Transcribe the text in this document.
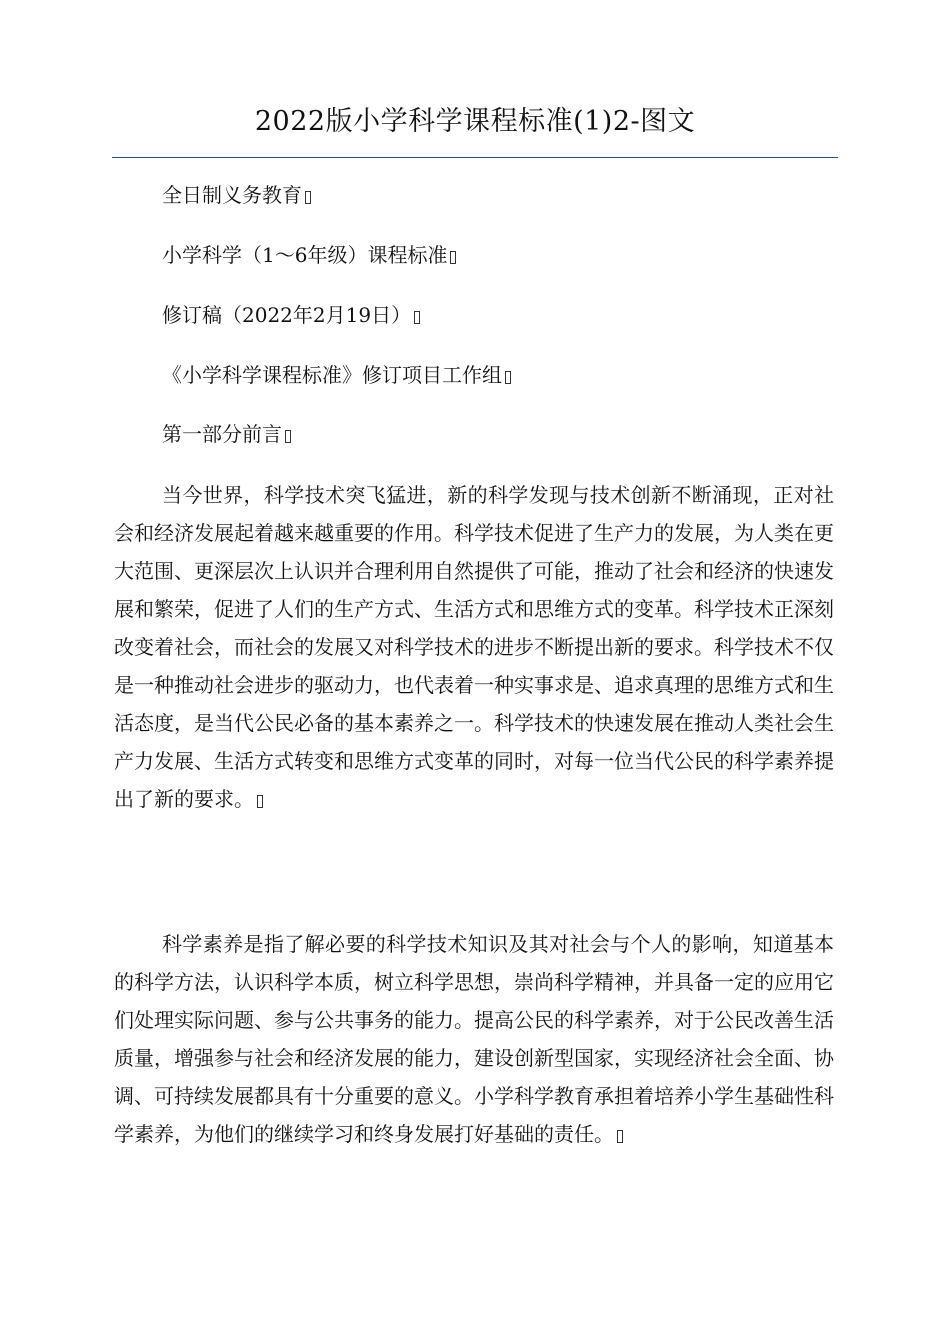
2022版小学科学课程标准(1)2-图文
全日制义务教育
小学科学（1～6年级）课程标准
修订稿（2022年2月19日）
《小学科学课程标准》修订项目工作组
第一部分前言

当今世界，科学技术突飞猛进，新的科学发现与技术创新不断涌现，正对社会和经济发展起着越来越重要的作用。科学技术促进了生产力的发展，为人类在更大范围、更深层次上认识并合理利用自然提供了可能，推动了社会和经济的快速发展和繁荣，促进了人们的生产方式、生活方式和思维方式的变革。科学技术正深刻改变着社会，而社会的发展又对科学技术的进步不断提出新的要求。科学技术不仅是一种推动社会进步的驱动力，也代表着一种实事求是、追求真理的思维方式和生活态度，是当代公民必备的基本素养之一。科学技术的快速发展在推动人类社会生产力发展、生活方式转变和思维方式变革的同时，对每一位当代公民的科学素养提出了新的要求。

科学素养是指了解必要的科学技术知识及其对社会与个人的影响，知道基本的科学方法，认识科学本质，树立科学思想，崇尚科学精神，并具备一定的应用它们处理实际问题、参与公共事务的能力。提高公民的科学素养，对于公民改善生活质量，增强参与社会和经济发展的能力，建设创新型国家，实现经济社会全面、协调、可持续发展都具有十分重要的意义。小学科学教育承担着培养小学生基础性科学素养，为他们的继续学习和终身发展打好基础的责任。
